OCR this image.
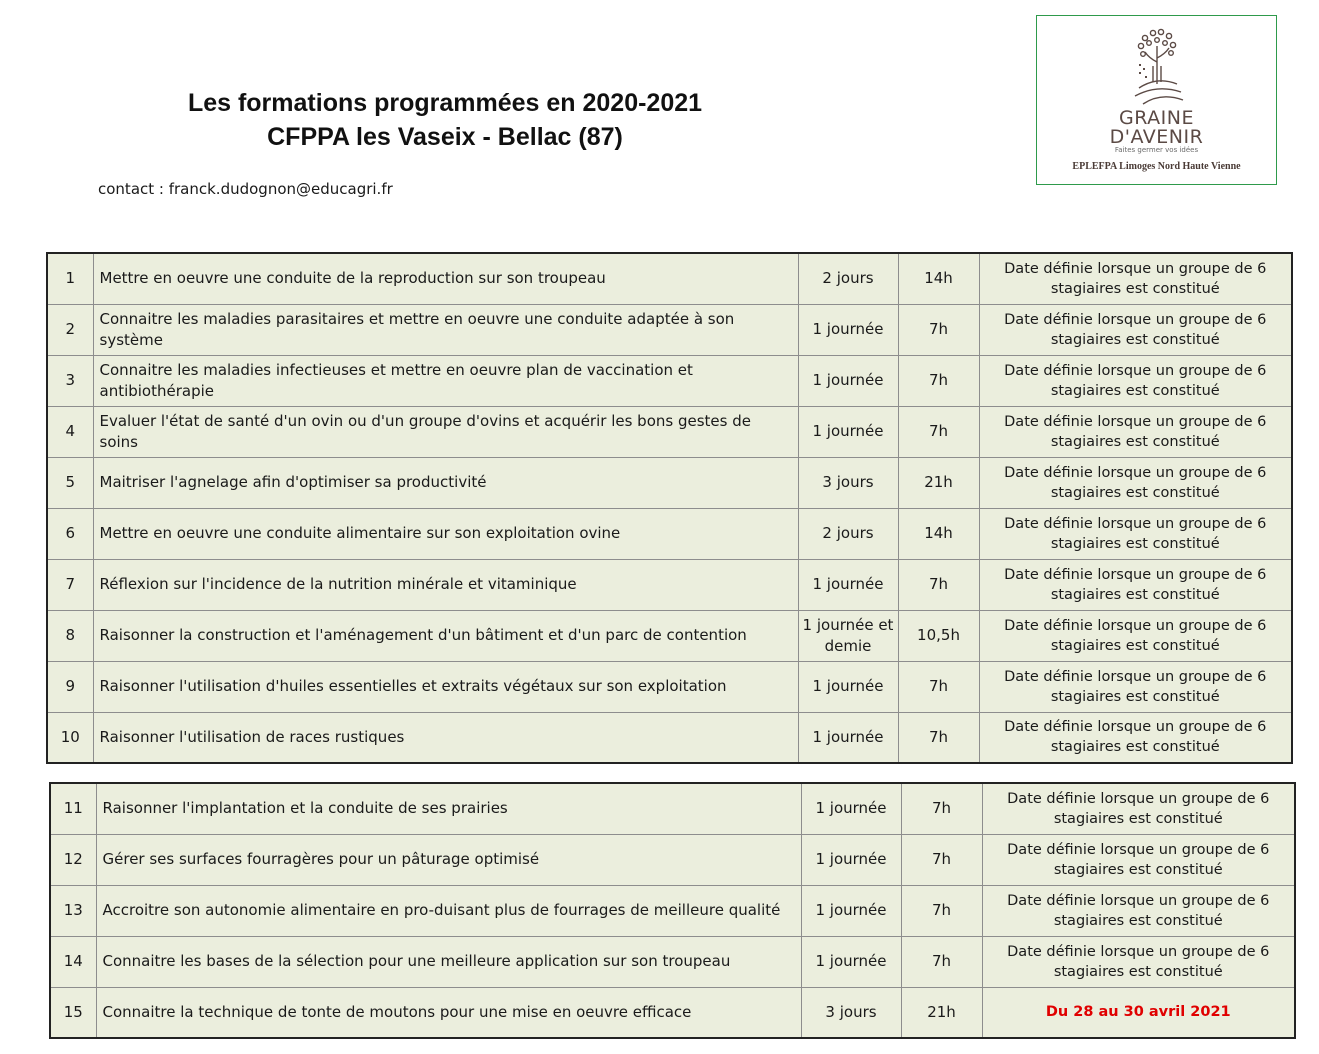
Les formations programmées en 2020-2021
CFPPA les Vaseix - Bellac (87)
contact : franck.dudognon@educagri.fr
GRAINE
D'AVENIR
Faites germer vos idées
EPLEFPA Limoges Nord Haute Vienne
1	Mettre en oeuvre une conduite de la reproduction sur son troupeau	2 jours	14h	Date définie lorsque un groupe de 6 stagiaires est constitué
2	Connaitre les maladies parasitaires et mettre en oeuvre une conduite adaptée à son système	1 journée	7h	Date définie lorsque un groupe de 6 stagiaires est constitué
3	Connaitre les maladies infectieuses et mettre en oeuvre plan de vaccination et antibiothérapie	1 journée	7h	Date définie lorsque un groupe de 6 stagiaires est constitué
4	Evaluer l'état de santé d'un ovin ou d'un groupe d'ovins et acquérir les bons gestes de soins	1 journée	7h	Date définie lorsque un groupe de 6 stagiaires est constitué
5	Maitriser l'agnelage afin d'optimiser sa productivité	3 jours	21h	Date définie lorsque un groupe de 6 stagiaires est constitué
6	Mettre en oeuvre une conduite alimentaire sur son exploitation ovine	2 jours	14h	Date définie lorsque un groupe de 6 stagiaires est constitué
7	Réflexion sur l'incidence de la nutrition minérale et vitaminique	1 journée	7h	Date définie lorsque un groupe de 6 stagiaires est constitué
8	Raisonner la construction et l'aménagement d'un bâtiment et d'un parc de contention	1 journée et demie	10,5h	Date définie lorsque un groupe de 6 stagiaires est constitué
9	Raisonner l'utilisation d'huiles essentielles et extraits végétaux sur son exploitation	1 journée	7h	Date définie lorsque un groupe de 6 stagiaires est constitué
10	Raisonner l'utilisation de races rustiques	1 journée	7h	Date définie lorsque un groupe de 6 stagiaires est constitué
11	Raisonner l'implantation et la conduite de ses prairies	1 journée	7h	Date définie lorsque un groupe de 6 stagiaires est constitué
12	Gérer ses surfaces fourragères pour un pâturage optimisé	1 journée	7h	Date définie lorsque un groupe de 6 stagiaires est constitué
13	Accroitre son autonomie alimentaire en pro-duisant plus de fourrages de meilleure qualité	1 journée	7h	Date définie lorsque un groupe de 6 stagiaires est constitué
14	Connaitre les bases de la sélection pour une meilleure application sur son troupeau	1 journée	7h	Date définie lorsque un groupe de 6 stagiaires est constitué
15	Connaitre la technique de tonte de moutons pour une mise en oeuvre efficace	3 jours	21h	Du 28 au 30 avril 2021
